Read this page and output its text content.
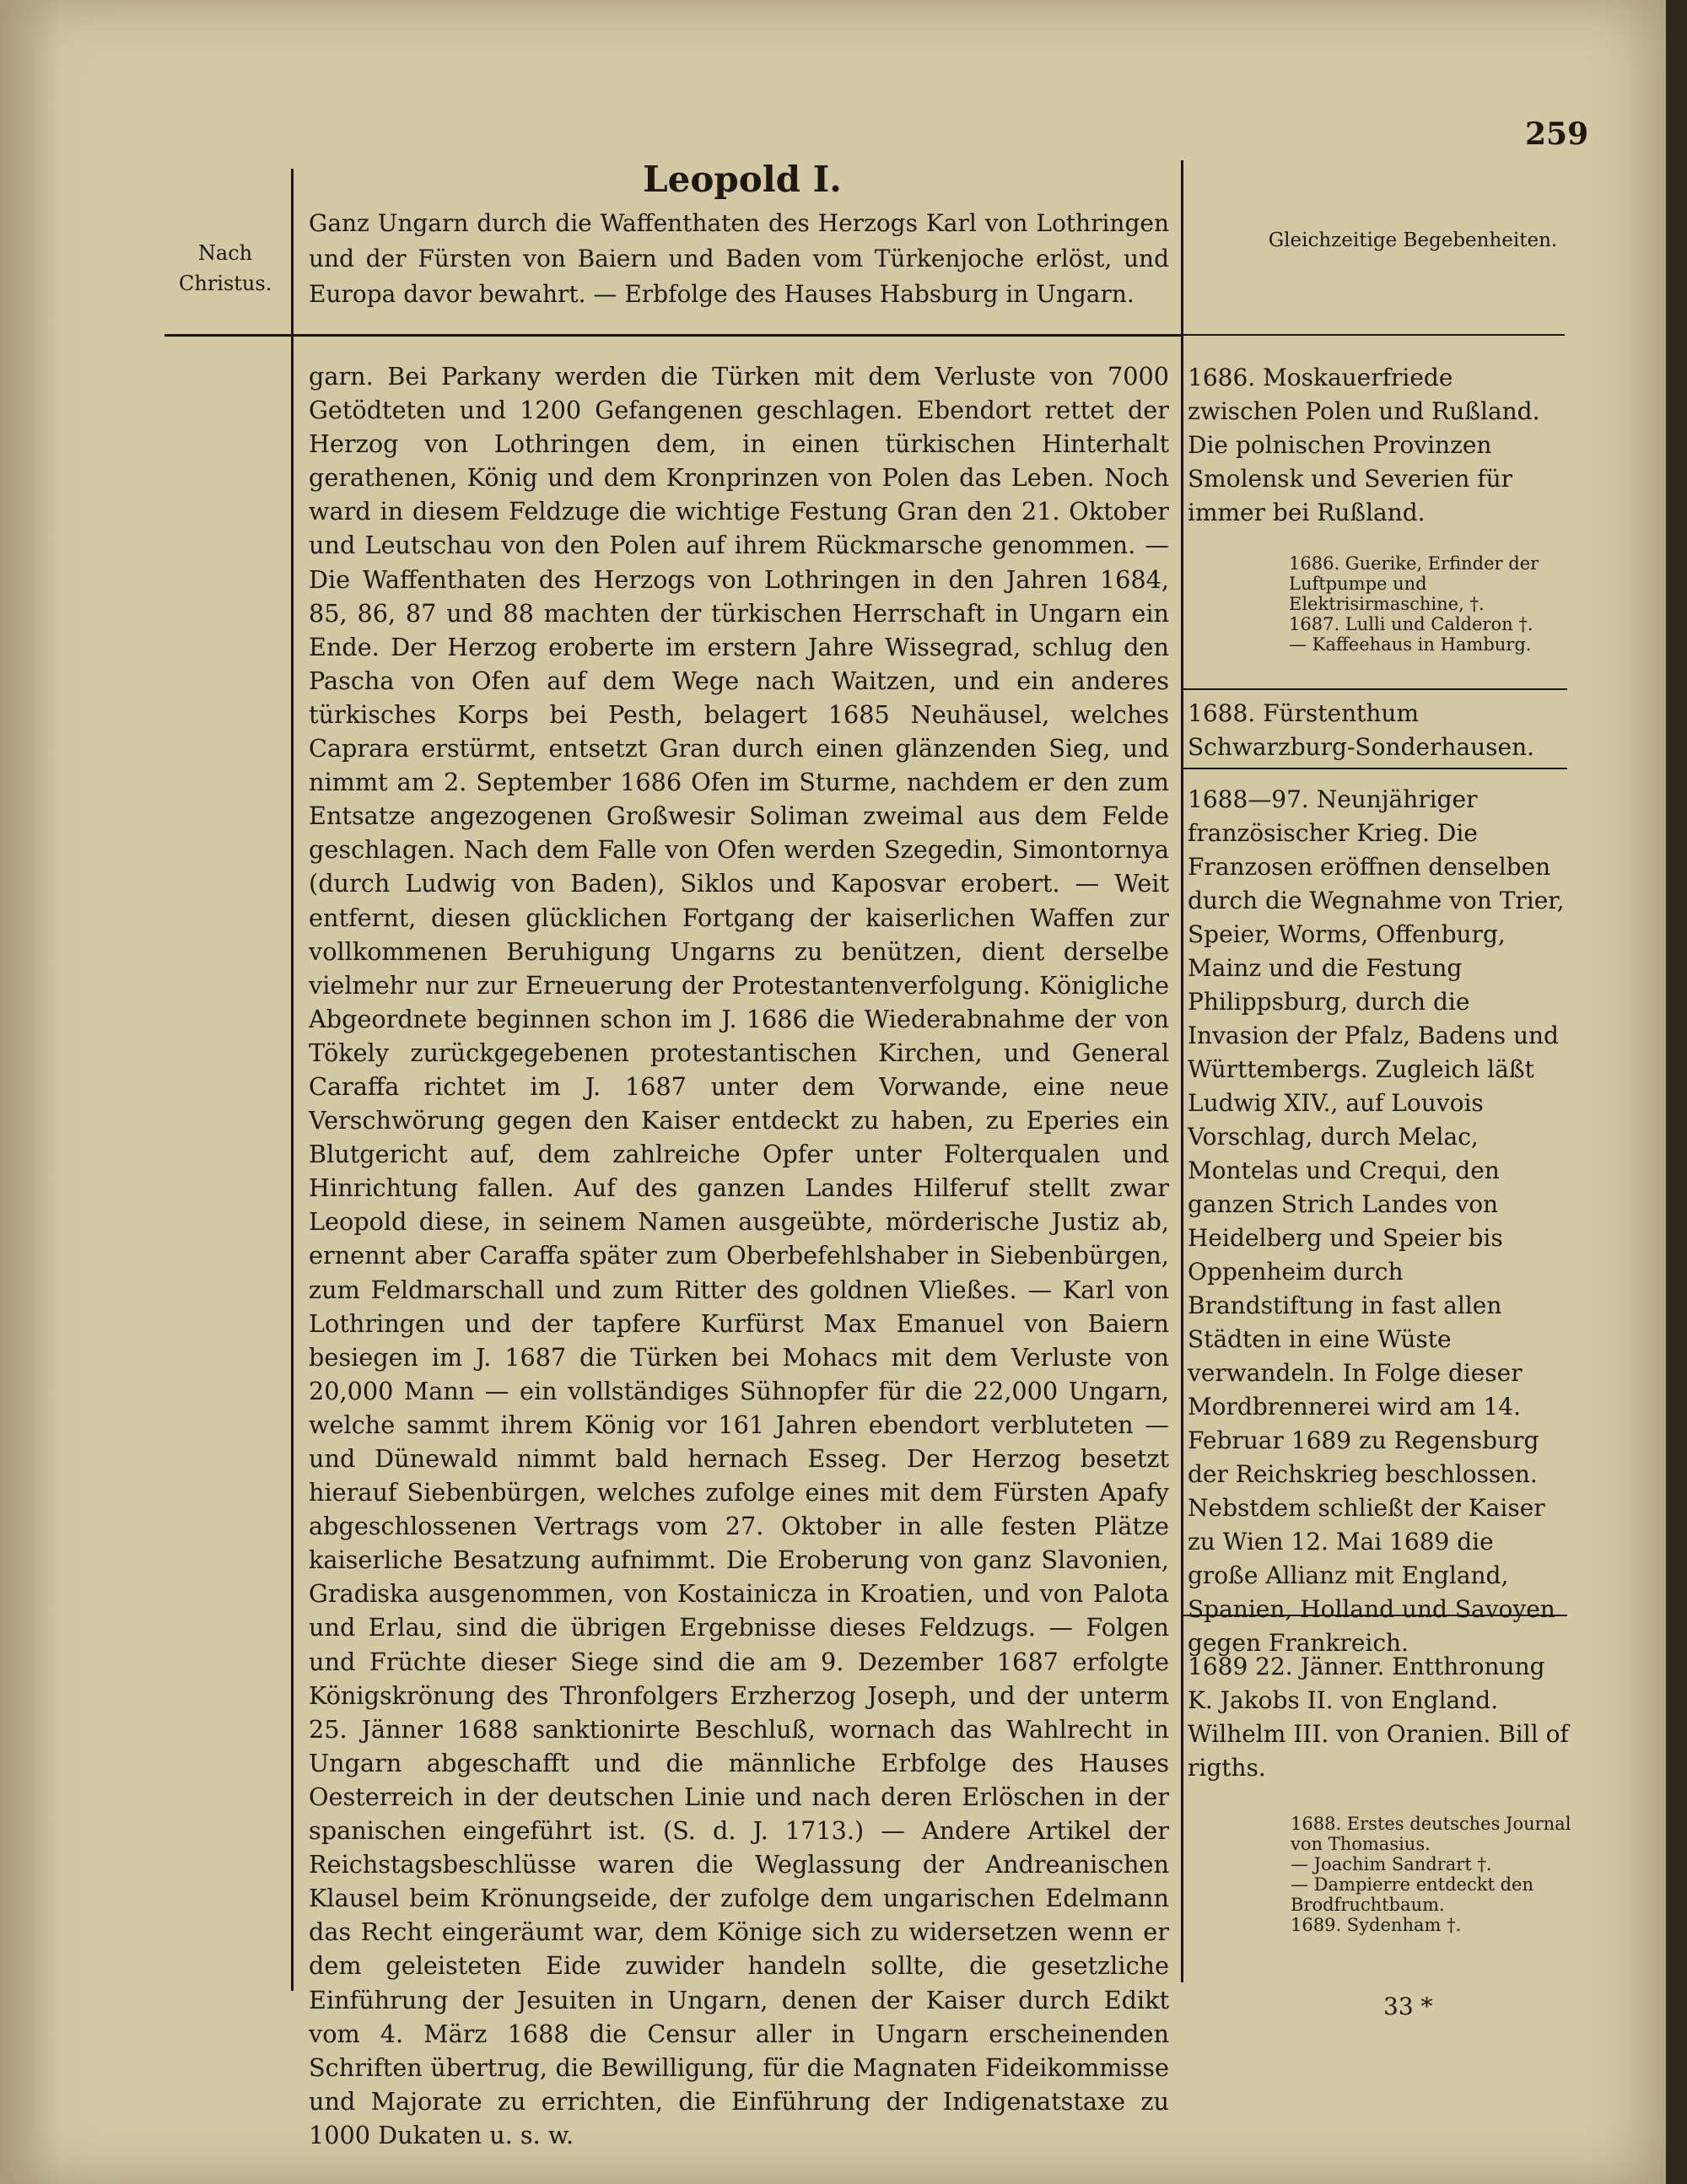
259
Nach
Christus.
Leopold I.
Ganz Ungarn durch die Waffenthaten des Herzogs Karl von Lothringen und der Fürsten von Baiern und Baden vom Türkenjoche erlöst, und Europa davor bewahrt. — Erbfolge des Hauses Habsburg in Ungarn.
Gleichzeitige Begebenheiten.

garn. Bei Parkany werden die Türken mit dem Verluste von 7000 Getödteten und 1200 Gefangenen geschlagen. Ebendort rettet der Herzog von Lothringen dem, in einen türkischen Hinterhalt gerathenen, König und dem Kronprinzen von Polen das Leben. Noch ward in diesem Feldzuge die wichtige Festung Gran den 21. Oktober und Leutschau von den Polen auf ihrem Rückmarsche genommen. — Die Waffenthaten des Herzogs von Lothringen in den Jahren 1684, 85, 86, 87 und 88 machten der türkischen Herrschaft in Ungarn ein Ende. Der Herzog eroberte im erstern Jahre Wissegrad, schlug den Pascha von Ofen auf dem Wege nach Waitzen, und ein anderes türkisches Korps bei Pesth, belagert 1685 Neuhäusel, welches Caprara erstürmt, entsetzt Gran durch einen glänzenden Sieg, und nimmt am 2. September 1686 Ofen im Sturme, nachdem er den zum Entsatze angezogenen Großwesir Soliman zweimal aus dem Felde geschlagen. Nach dem Falle von Ofen werden Szegedin, Simontornya (durch Ludwig von Baden), Siklos und Kaposvar erobert. — Weit entfernt, diesen glücklichen Fortgang der kaiserlichen Waffen zur vollkommenen Beruhigung Ungarns zu benützen, dient derselbe vielmehr nur zur Erneuerung der Protestantenverfolgung. Königliche Abgeordnete beginnen schon im J. 1686 die Wiederabnahme der von Tökely zurückgegebenen protestantischen Kirchen, und General Caraffa richtet im J. 1687 unter dem Vorwande, eine neue Verschwörung gegen den Kaiser entdeckt zu haben, zu Eperies ein Blutgericht auf, dem zahlreiche Opfer unter Folterqualen und Hinrichtung fallen. Auf des ganzen Landes Hilferuf stellt zwar Leopold diese, in seinem Namen ausgeübte, mörderische Justiz ab, ernennt aber Caraffa später zum Oberbefehlshaber in Siebenbürgen, zum Feldmarschall und zum Ritter des goldnen Vließes. — Karl von Lothringen und der tapfere Kurfürst Max Emanuel von Baiern besiegen im J. 1687 die Türken bei Mohacs mit dem Verluste von 20,000 Mann — ein vollständiges Sühnopfer für die 22,000 Ungarn, welche sammt ihrem König vor 161 Jahren ebendort verbluteten — und Dünewald nimmt bald hernach Esseg. Der Herzog besetzt hierauf Siebenbürgen, welches zufolge eines mit dem Fürsten Apafy abgeschlossenen Vertrags vom 27. Oktober in alle festen Plätze kaiserliche Besatzung aufnimmt. Die Eroberung von ganz Slavonien, Gradiska ausgenommen, von Kostainicza in Kroatien, und von Palota und Erlau, sind die übrigen Ergebnisse dieses Feldzugs. — Folgen und Früchte dieser Siege sind die am 9. Dezember 1687 erfolgte Königskrönung des Thronfolgers Erzherzog Joseph, und der unterm 25. Jänner 1688 sanktionirte Beschluß, wornach das Wahlrecht in Ungarn abgeschafft und die männliche Erbfolge des Hauses Oesterreich in der deutschen Linie und nach deren Erlöschen in der spanischen eingeführt ist. (S. d. J. 1713.) — Andere Artikel der Reichstagsbeschlüsse waren die Weglassung der Andreanischen Klausel beim Krönungseide, der zufolge dem ungarischen Edelmann das Recht eingeräumt war, dem Könige sich zu widersetzen wenn er dem geleisteten Eide zuwider handeln sollte, die gesetzliche Einführung der Jesuiten in Ungarn, denen der Kaiser durch Edikt vom 4. März 1688 die Censur aller in Ungarn erscheinenden Schriften übertrug, die Bewilligung, für die Magnaten Fideikommisse und Majorate zu errichten, die Einführung der Indigenatstaxe zu 1000 Dukaten u. s. w.

1686. Moskauerfriede zwischen Polen und Rußland. Die polnischen Provinzen Smolensk und Severien für immer bei Rußland.
1686. Guerike, Erfinder der Luftpumpe und Elektrisirmaschine, †.
1687. Lulli und Calderon †.
— Kaffeehaus in Hamburg.
1688. Fürstenthum Schwarzburg-Sonderhausen.
1688—97. Neunjähriger französischer Krieg. Die Franzosen eröffnen denselben durch die Wegnahme von Trier, Speier, Worms, Offenburg, Mainz und die Festung Philippsburg, durch die Invasion der Pfalz, Badens und Württembergs. Zugleich läßt Ludwig XIV., auf Louvois Vorschlag, durch Melac, Montelas und Crequi, den ganzen Strich Landes von Heidelberg und Speier bis Oppenheim durch Brandstiftung in fast allen Städten in eine Wüste verwandeln. In Folge dieser Mordbrennerei wird am 14. Februar 1689 zu Regensburg der Reichskrieg beschlossen. Nebstdem schließt der Kaiser zu Wien 12. Mai 1689 die große Allianz mit England, Spanien, Holland und Savoyen gegen Frankreich.
1689 22. Jänner. Entthronung K. Jakobs II. von England. Wilhelm III. von Oranien. Bill of rigths.
1688. Erstes deutsches Journal von Thomasius.
— Joachim Sandrart †.
— Dampierre entdeckt den Brodfruchtbaum.
1689. Sydenham †.
33 *
